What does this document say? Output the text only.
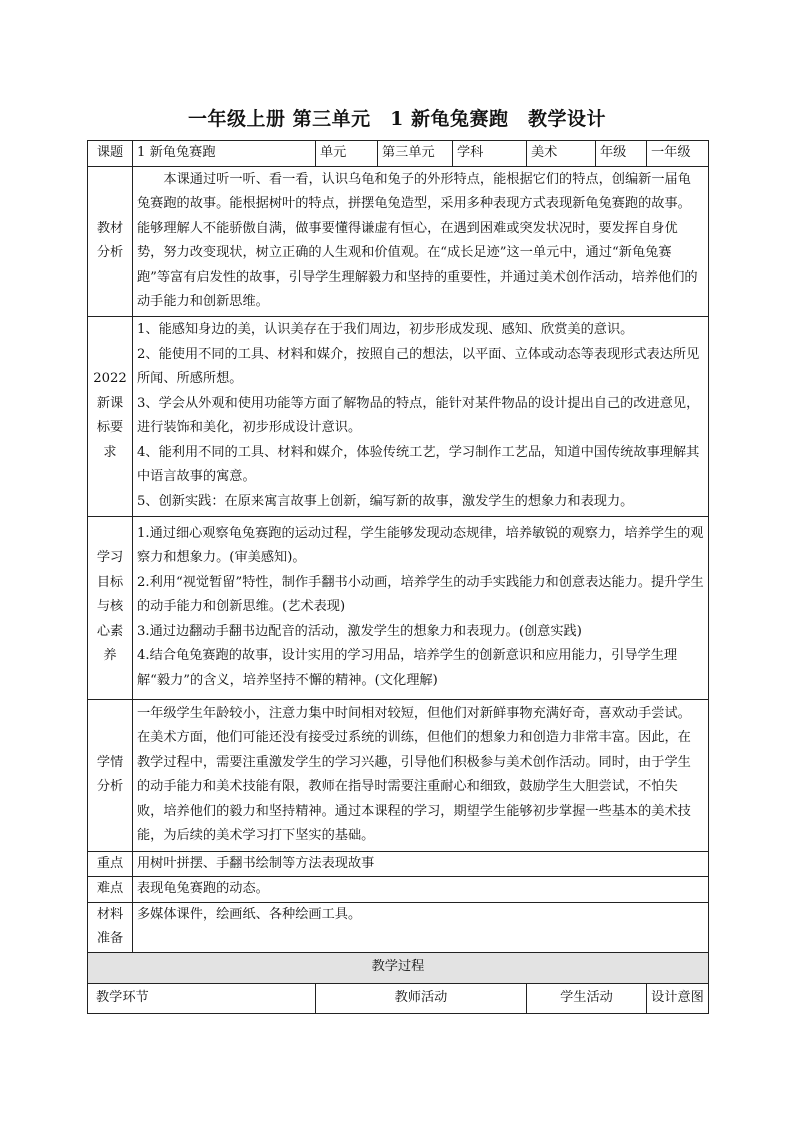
一年级上册 第三单元　1 新龟兔赛跑　教学设计
课题	1 新龟兔赛跑	单元	第三单元	学科	美术	年级	一年级
教材分析	本课通过听一听、看一看，认识乌龟和兔子的外形特点，能根据它们的特点，创编新一届龟兔赛跑的故事。能根据树叶的特点，拼摆龟兔造型，采用多种表现方式表现新龟兔赛跑的故事。能够理解人不能骄傲自满，做事要懂得谦虚有恒心，在遇到困难或突发状况时，要发挥自身优势，努力改变现状，树立正确的人生观和价值观。在“成长足迹”这一单元中，通过“新龟兔赛跑”等富有启发性的故事，引导学生理解毅力和坚持的重要性，并通过美术创作活动，培养他们的动手能力和创新思维。						

2022新课标要求	1、能感知身边的美，认识美存在于我们周边，初步形成发现、感知、欣赏美的意识。
2、能使用不同的工具、材料和媒介，按照自己的想法，以平面、立体或动态等表现形式表达所见所闻、所感所想。
3、学会从外观和使用功能等方面了解物品的特点，能针对某件物品的设计提出自己的改进意见，进行装饰和美化，初步形成设计意识。
4、能利用不同的工具、材料和媒介，体验传统工艺，学习制作工艺品，知道中国传统故事理解其中语言故事的寓意。
5、创新实践：在原来寓言故事上创新，编写新的故事，激发学生的想象力和表现力。						

学习目标与核心素养	1.通过细心观察龟兔赛跑的运动过程，学生能够发现动态规律，培养敏锐的观察力，培养学生的观察力和想象力。(审美感知)。
2.利用“视觉暂留”特性，制作手翻书小动画，培养学生的动手实践能力和创意表达能力。提升学生的动手能力和创新思维。(艺术表现)
3.通过边翻动手翻书边配音的活动，激发学生的想象力和表现力。(创意实践)
4.结合龟兔赛跑的故事，设计实用的学习用品，培养学生的创新意识和应用能力，引导学生理解“毅力”的含义，培养坚持不懈的精神。(文化理解)						

学情分析	一年级学生年龄较小，注意力集中时间相对较短，但他们对新鲜事物充满好奇，喜欢动手尝试。在美术方面，他们可能还没有接受过系统的训练，但他们的想象力和创造力非常丰富。因此，在教学过程中，需要注重激发学生的学习兴趣，引导他们积极参与美术创作活动。同时，由于学生的动手能力和美术技能有限，教师在指导时需要注重耐心和细致，鼓励学生大胆尝试，不怕失败，培养他们的毅力和坚持精神。通过本课程的学习，期望学生能够初步掌握一些基本的美术技能，为后续的美术学习打下坚实的基础。						

重点	用树叶拼摆、手翻书绘制等方法表现故事						
难点	表现龟兔赛跑的动态。						
材料准备	多媒体课件，绘画纸、各种绘画工具。						
教学过程							
教学环节		教师活动			学生活动		设计意图
